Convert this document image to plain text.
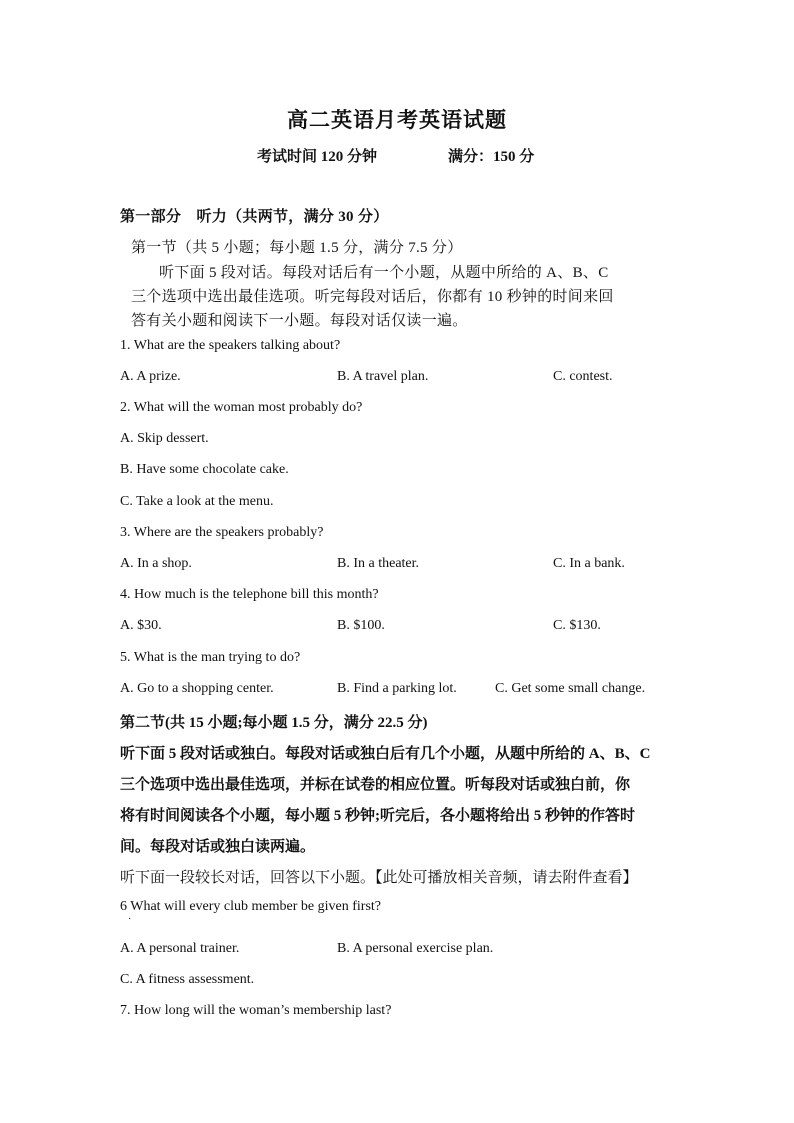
高二英语月考英语试题
考试时间 120 分钟	满分：150 分
第一部分　听力（共两节，满分 30 分）
第一节（共 5 小题；每小题 1.5 分，满分 7.5 分）
听下面 5 段对话。每段对话后有一个小题，从题中所给的 A、B、C
三个选项中选出最佳选项。听完每段对话后，你都有 10 秒钟的时间来回
答有关小题和阅读下一小题。每段对话仅读一遍。
1. What are the speakers talking about?
A. A prize.	B. A travel plan.	C. contest.
2. What will the woman most probably do?
A. Skip dessert.
B. Have some chocolate cake.
C. Take a look at the menu.
3. Where are the speakers probably?
A. In a shop.	B. In a theater.	C. In a bank.
4. How much is the telephone bill this month?
A. $30.	B. $100.	C. $130.
5. What is the man trying to do?
A. Go to a shopping center.	B. Find a parking lot.	C. Get some small change.
第二节(共 15 小题;每小题 1.5 分，满分 22.5 分)
听下面 5 段对话或独白。每段对话或独白后有几个小题，从题中所给的 A、B、C
三个选项中选出最佳选项，并标在试卷的相应位置。听每段对话或独白前，你
将有时间阅读各个小题，每小题 5 秒钟;听完后，各小题将给出 5 秒钟的作答时
间。每段对话或独白读两遍。
听下面一段较长对话，回答以下小题。【此处可播放相关音频，请去附件查看】
6 What will every club member be given first?
·
A. A personal trainer.	B. A personal exercise plan.
C. A fitness assessment.
7. How long will the woman’s membership last?
